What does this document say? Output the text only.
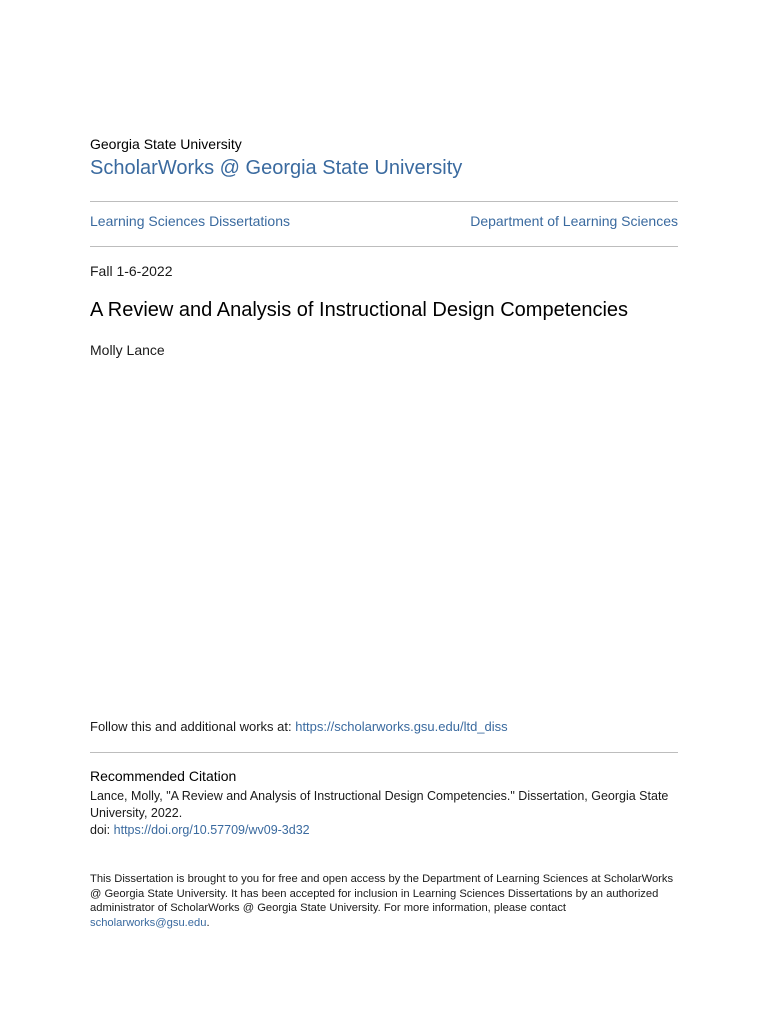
Georgia State University
ScholarWorks @ Georgia State University
Learning Sciences Dissertations	Department of Learning Sciences
Fall 1-6-2022
A Review and Analysis of Instructional Design Competencies
Molly Lance
Follow this and additional works at: https://scholarworks.gsu.edu/ltd_diss
Recommended Citation
Lance, Molly, "A Review and Analysis of Instructional Design Competencies." Dissertation, Georgia State University, 2022.
doi: https://doi.org/10.57709/wv09-3d32
This Dissertation is brought to you for free and open access by the Department of Learning Sciences at ScholarWorks @ Georgia State University. It has been accepted for inclusion in Learning Sciences Dissertations by an authorized administrator of ScholarWorks @ Georgia State University. For more information, please contact scholarworks@gsu.edu.
